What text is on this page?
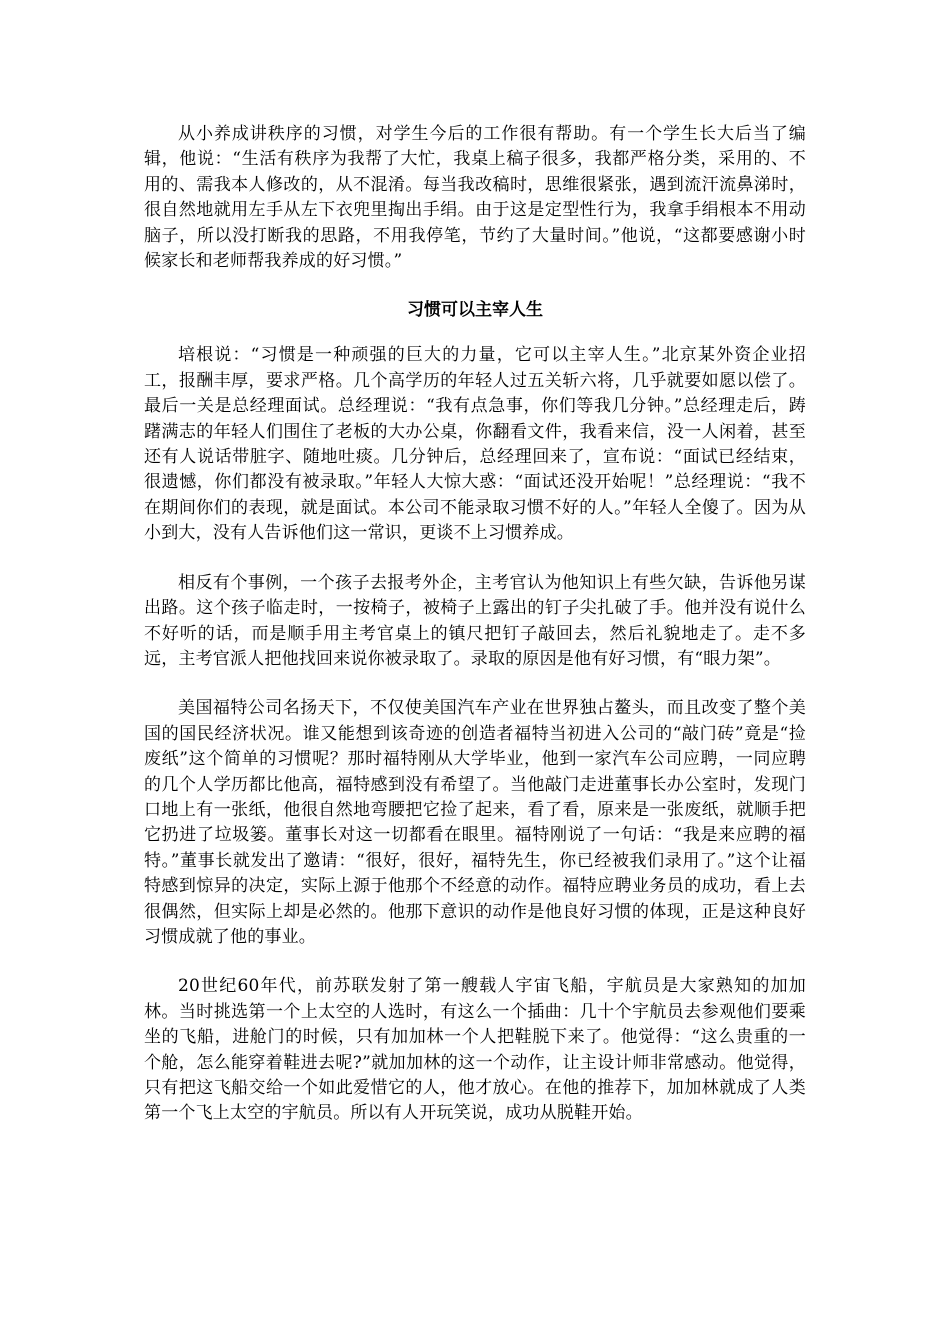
从小养成讲秩序的习惯，对学生今后的工作很有帮助。有一个学生长大后当了编辑，他说：“生活有秩序为我帮了大忙，我桌上稿子很多，我都严格分类，采用的、不用的、需我本人修改的，从不混淆。每当我改稿时，思维很紧张，遇到流汗流鼻涕时，很自然地就用左手从左下衣兜里掏出手绢。由于这是定型性行为，我拿手绢根本不用动脑子，所以没打断我的思路，不用我停笔，节约了大量时间。”他说，“这都要感谢小时候家长和老师帮我养成的好习惯。”

习惯可以主宰人生

培根说：“习惯是一种顽强的巨大的力量，它可以主宰人生。”北京某外资企业招工，报酬丰厚，要求严格。几个高学历的年轻人过五关斩六将，几乎就要如愿以偿了。最后一关是总经理面试。总经理说：“我有点急事，你们等我几分钟。”总经理走后，踌躇满志的年轻人们围住了老板的大办公桌，你翻看文件，我看来信，没一人闲着，甚至还有人说话带脏字、随地吐痰。几分钟后，总经理回来了，宣布说：“面试已经结束，很遗憾，你们都没有被录取。”年轻人大惊大惑：“面试还没开始呢！”总经理说：“我不在期间你们的表现，就是面试。本公司不能录取习惯不好的人。”年轻人全傻了。因为从小到大，没有人告诉他们这一常识，更谈不上习惯养成。

相反有个事例，一个孩子去报考外企，主考官认为他知识上有些欠缺，告诉他另谋出路。这个孩子临走时，一按椅子，被椅子上露出的钉子尖扎破了手。他并没有说什么不好听的话，而是顺手用主考官桌上的镇尺把钉子敲回去，然后礼貌地走了。走不多远，主考官派人把他找回来说你被录取了。录取的原因是他有好习惯，有“眼力架”。

美国福特公司名扬天下，不仅使美国汽车产业在世界独占鳌头，而且改变了整个美国的国民经济状况。谁又能想到该奇迹的创造者福特当初进入公司的“敲门砖”竟是“捡废纸”这个简单的习惯呢？那时福特刚从大学毕业，他到一家汽车公司应聘，一同应聘的几个人学历都比他高，福特感到没有希望了。当他敲门走进董事长办公室时，发现门口地上有一张纸，他很自然地弯腰把它捡了起来，看了看，原来是一张废纸，就顺手把它扔进了垃圾篓。董事长对这一切都看在眼里。福特刚说了一句话：“我是来应聘的福特。”董事长就发出了邀请：“很好，很好，福特先生，你已经被我们录用了。”这个让福特感到惊异的决定，实际上源于他那个不经意的动作。福特应聘业务员的成功，看上去很偶然，但实际上却是必然的。他那下意识的动作是他良好习惯的体现，正是这种良好习惯成就了他的事业。

20世纪60年代，前苏联发射了第一艘载人宇宙飞船，宇航员是大家熟知的加加林。当时挑选第一个上太空的人选时，有这么一个插曲：几十个宇航员去参观他们要乘坐的飞船，进舱门的时候，只有加加林一个人把鞋脱下来了。他觉得：“这么贵重的一个舱，怎么能穿着鞋进去呢?”就加加林的这一个动作，让主设计师非常感动。他觉得，只有把这飞船交给一个如此爱惜它的人，他才放心。在他的推荐下，加加林就成了人类第一个飞上太空的宇航员。所以有人开玩笑说，成功从脱鞋开始。
